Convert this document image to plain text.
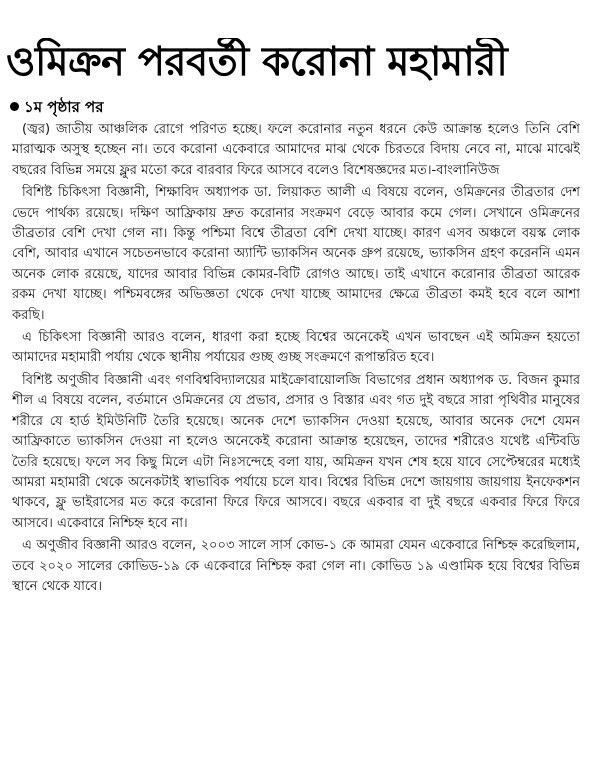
ওমিক্রন পরবর্তী করোনা মহামারী
১ম পৃষ্ঠার পর

(জ্বর) জাতীয় আঞ্চলিক রোগে পরিণত হচ্ছে। ফলে করোনার নতুন ধরনে কেউ আক্রান্ত হলেও তিনি বেশি মারাত্মক অসুস্থ হচ্ছেন না। তবে করোনা একেবারে আমাদের মাঝ থেকে চিরতরে বিদায় নেবে না, মাঝে মাঝেই বছরের বিভিন্ন সময়ে ফ্লুর মতো করে বারবার ফিরে আসবে বলেও বিশেষজ্ঞদের মত।-বাংলানিউজ

বিশিষ্ট চিকিৎসা বিজ্ঞানী, শিক্ষাবিদ অধ্যাপক ডা. লিয়াকত আলী এ বিষয়ে বলেন, ওমিক্রনের তীব্রতার দেশ ভেদে পার্থক্য রয়েছে। দক্ষিণ আফ্রিকায় দ্রুত করোনার সংক্রমণ বেড়ে আবার কমে গেল। সেখানে ওমিক্রনের তীব্রতার বেশি দেখা গেল না। কিন্তু পশ্চিমা বিশ্বে তীব্রতা বেশি দেখা যাচ্ছে। কারণ এসব অঞ্চলে বয়স্ক লোক বেশি, আবার এখানে সচেতনভাবে করোনা অ্যান্টি ভ্যাকসিন অনেক গ্রুপ রয়েছে, ভ্যাকসিন গ্রহণ করেননি এমন অনেক লোক রয়েছে, যাদের আবার বিভিন্ন কোমর-বিটি রোগও আছে। তাই এখানে করোনার তীব্রতা আরেক রকম দেখা যাচ্ছে। পশ্চিমবঙ্গের অভিজ্ঞতা থেকে দেখা যাচ্ছে আমাদের ক্ষেত্রে তীব্রতা কমই হবে বলে আশা করছি।

এ চিকিৎসা বিজ্ঞানী আরও বলেন, ধারণা করা হচ্ছে বিশ্বের অনেকেই এখন ভাবছেন এই অমিক্রন হয়তো আমাদের মহামারী পর্যায় থেকে স্থানীয় পর্যায়ের গুচ্ছ গুচ্ছ সংক্রমণে রূপান্তরিত হবে।

বিশিষ্ট অণুজীব বিজ্ঞানী এবং গণবিশ্ববিদ্যালয়ের মাইক্রোবায়োলজি বিভাগের প্রধান অধ্যাপক ড. বিজন কুমার শীল এ বিষয়ে বলেন, বর্তমানে ওমিক্রনের যে প্রভাব, প্রসার ও বিস্তার এবং গত দুই বছরে সারা পৃথিবীর মানুষের শরীরে যে হার্ড ইমিউনিটি তৈরি হয়েছে। অনেক দেশে ভ্যাকসিন দেওয়া হয়েছে, আবার অনেক দেশে যেমন আফ্রিকাতে ভ্যাকসিন দেওয়া না হলেও অনেকেই করোনা আক্রান্ত হয়েছেন, তাদের শরীরেও যথেষ্ট এন্টিবডি তৈরি হয়েছে। ফলে সব কিছু মিলে এটা নিঃসন্দেহে বলা যায়, অমিক্রন যখন শেষ হয়ে যাবে সেপ্টেম্বরের মধ্যেই আমরা মহামারী থেকে অনেকটাই স্বাভাবিক পর্যায়ে চলে যাব। বিশ্বের বিভিন্ন দেশে জায়গায় জায়গায় ইনফেকশন থাকবে, ফ্লু ভাইরাসের মত করে করোনা ফিরে ফিরে আসবে। বছরে একবার বা দুই বছরে একবার ফিরে ফিরে আসবে। একেবারে নিশ্চিহ্ন হবে না।

এ অণুজীব বিজ্ঞানী আরও বলেন, ২০০৩ সালে সার্স কোভ-১ কে আমরা যেমন একেবারে নিশ্চিহ্ন করেছিলাম, তবে ২০২০ সালের কোভিড-১৯ কে একেবারে নিশ্চিহ্ন করা গেল না। কোভিড ১৯ এণ্ডামিক হয়ে বিশ্বের বিভিন্ন স্থানে থেকে যাবে।
